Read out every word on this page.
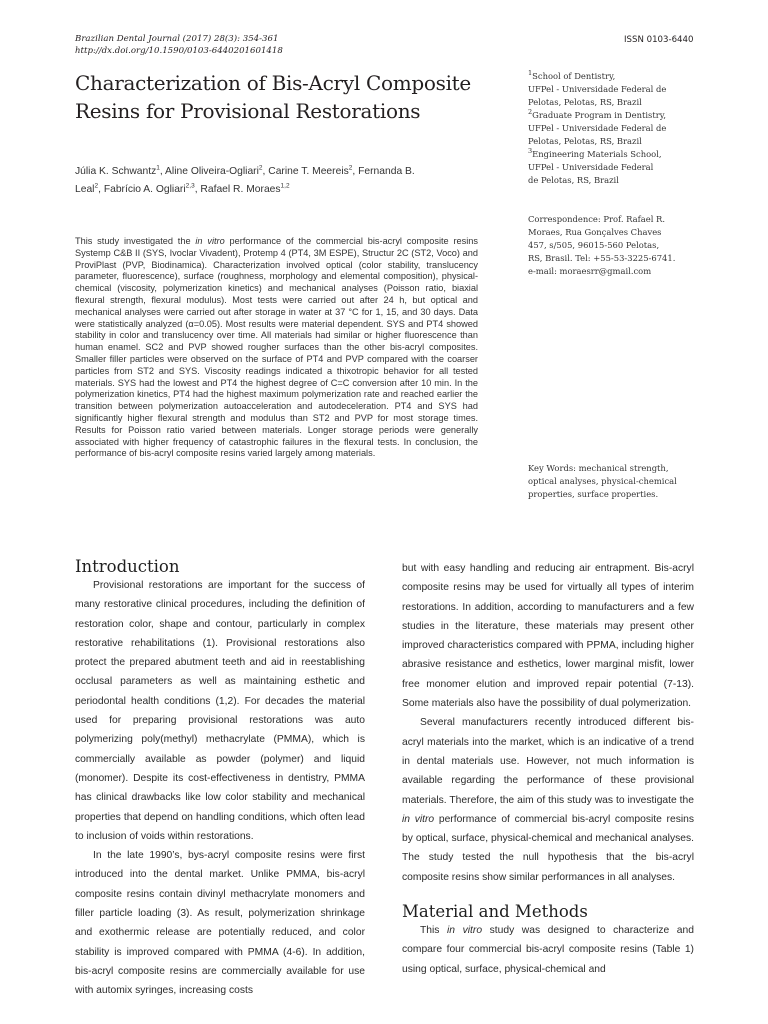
Brazilian Dental Journal (2017) 28(3): 354-361
http://dx.doi.org/10.1590/0103-6440201601418
ISSN 0103-6440
Characterization of Bis-Acryl Composite
Resins for Provisional Restorations
Júlia K. Schwantz$^1$, Aline Oliveira-Ogliari$^2$, Carine T. Meereis$^2$, Fernanda B.
Leal$^2$, Fabrício A. Ogliari$^{2,3}$, Rafael R. Moraes$^{1,2}$
$^1$School of Dentistry,
UFPel - Universidade Federal de
Pelotas, Pelotas, RS, Brazil
$^2$Graduate Program in Dentistry,
UFPel - Universidade Federal de
Pelotas, Pelotas, RS, Brazil
$^3$Engineering Materials School,
UFPel - Universidade Federal
de Pelotas, RS, Brazil
Correspondence: Prof. Rafael R.
Moraes, Rua Gonçalves Chaves
457, s/505, 96015-560 Pelotas,
RS, Brasil. Tel: +55-53-3225-6741.
e-mail: moraesrr@gmail.com
This study investigated the in vitro performance of the commercial bis-acryl composite resins Systemp C&B II (SYS, Ivoclar Vivadent), Protemp 4 (PT4, 3M ESPE), Structur 2C (ST2, Voco) and ProviPlast (PVP, Biodinamica). Characterization involved optical (color stability, translucency parameter, fluorescence), surface (roughness, morphology and elemental composition), physical-chemical (viscosity, polymerization kinetics) and mechanical analyses (Poisson ratio, biaxial flexural strength, flexural modulus). Most tests were carried out after 24 h, but optical and mechanical analyses were carried out after storage in water at 37 °C for 1, 15, and 30 days. Data were statistically analyzed (α=0.05). Most results were material dependent. SYS and PT4 showed stability in color and translucency over time. All materials had similar or higher fluorescence than human enamel. SC2 and PVP showed rougher surfaces than the other bis-acryl composites. Smaller filler particles were observed on the surface of PT4 and PVP compared with the coarser particles from ST2 and SYS. Viscosity readings indicated a thixotropic behavior for all tested materials. SYS had the lowest and PT4 the highest degree of C=C conversion after 10 min. In the polymerization kinetics, PT4 had the highest maximum polymerization rate and reached earlier the transition between polymerization autoacceleration and autodeceleration. PT4 and SYS had significantly higher flexural strength and modulus than ST2 and PVP for most storage times. Results for Poisson ratio varied between materials. Longer storage periods were generally associated with higher frequency of catastrophic failures in the flexural tests. In conclusion, the performance of bis-acryl composite resins varied largely among materials.
Key Words: mechanical strength,
optical analyses, physical-chemical
properties, surface properties.
Introduction

Provisional restorations are important for the success of many restorative clinical procedures, including the definition of restoration color, shape and contour, particularly in complex restorative rehabilitations (1). Provisional restorations also protect the prepared abutment teeth and aid in reestablishing occlusal parameters as well as maintaining esthetic and periodontal health conditions (1,2). For decades the material used for preparing provisional restorations was auto polymerizing poly(methyl) methacrylate (PMMA), which is commercially available as powder (polymer) and liquid (monomer). Despite its cost-effectiveness in dentistry, PMMA has clinical drawbacks like low color stability and mechanical properties that depend on handling conditions, which often lead to inclusion of voids within restorations.

In the late 1990’s, bys-acryl composite resins were first introduced into the dental market. Unlike PMMA, bis-acryl composite resins contain divinyl methacrylate monomers and filler particle loading (3). As result, polymerization shrinkage and exothermic release are potentially reduced, and color stability is improved compared with PMMA (4-6). In addition, bis-acryl composite resins are commercially available for use with automix syringes, increasing costs

but with easy handling and reducing air entrapment. Bis-acryl composite resins may be used for virtually all types of interim restorations. In addition, according to manufacturers and a few studies in the literature, these materials may present other improved characteristics compared with PPMA, including higher abrasive resistance and esthetics, lower marginal misfit, lower free monomer elution and improved repair potential (7-13). Some materials also have the possibility of dual polymerization.

Several manufacturers recently introduced different bis-acryl materials into the market, which is an indicative of a trend in dental materials use. However, not much information is available regarding the performance of these provisional materials. Therefore, the aim of this study was to investigate the in vitro performance of commercial bis-acryl composite resins by optical, surface, physical-chemical and mechanical analyses. The study tested the null hypothesis that the bis-acryl composite resins show similar performances in all analyses.

Material and Methods

This in vitro study was designed to characterize and compare four commercial bis-acryl composite resins (Table 1) using optical, surface, physical-chemical and
